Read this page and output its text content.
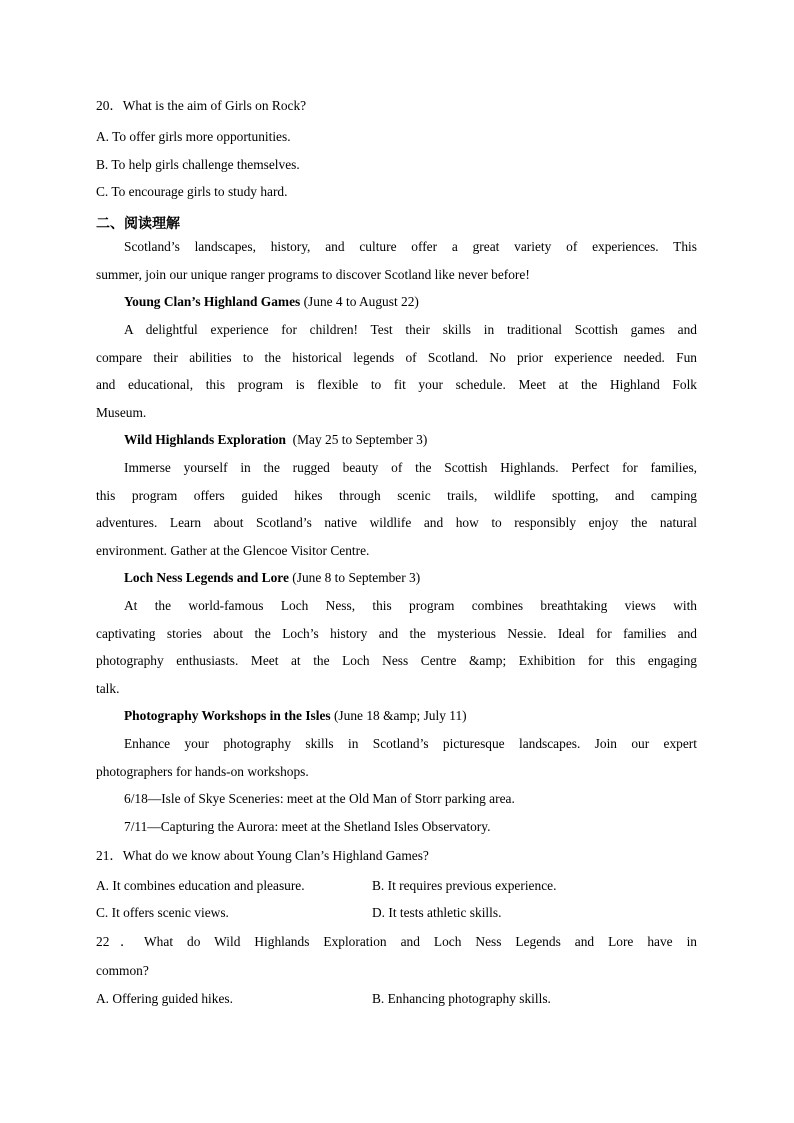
20．What is the aim of Girls on Rock?
A. To offer girls more opportunities.
B. To help girls challenge themselves.
C. To encourage girls to study hard.
二、阅读理解
Scotland’s landscapes, history, and culture offer a great variety of experiences. This
summer, join our unique ranger programs to discover Scotland like never before!
Young Clan’s Highland Games (June 4 to August 22)
A delightful experience for children! Test their skills in traditional Scottish games and
compare their abilities to the historical legends of Scotland. No prior experience needed. Fun
and educational, this program is flexible to fit your schedule. Meet at the Highland Folk
Museum.
Wild Highlands Exploration  (May 25 to September 3)
Immerse yourself in the rugged beauty of the Scottish Highlands. Perfect for families,
this program offers guided hikes through scenic trails, wildlife spotting, and camping
adventures. Learn about Scotland’s native wildlife and how to responsibly enjoy the natural
environment. Gather at the Glencoe Visitor Centre.
Loch Ness Legends and Lore (June 8 to September 3)
At the world-famous Loch Ness, this program combines breathtaking views with
captivating stories about the Loch’s history and the mysterious Nessie. Ideal for families and
photography enthusiasts. Meet at the Loch Ness Centre &amp; Exhibition for this engaging
talk.
Photography Workshops in the Isles (June 18 &amp; July 11)
Enhance your photography skills in Scotland’s picturesque landscapes. Join our expert
photographers for hands-on workshops.
6/18—Isle of Skye Sceneries: meet at the Old Man of Storr parking area.
7/11—Capturing the Aurora: meet at the Shetland Isles Observatory.
21．What do we know about Young Clan’s Highland Games?
A. It combines education and pleasure.	B. It requires previous experience.
C. It offers scenic views.	D. It tests athletic skills.
22．What do Wild Highlands Exploration and Loch Ness Legends and Lore have in
common?
A. Offering guided hikes.	B. Enhancing photography skills.
